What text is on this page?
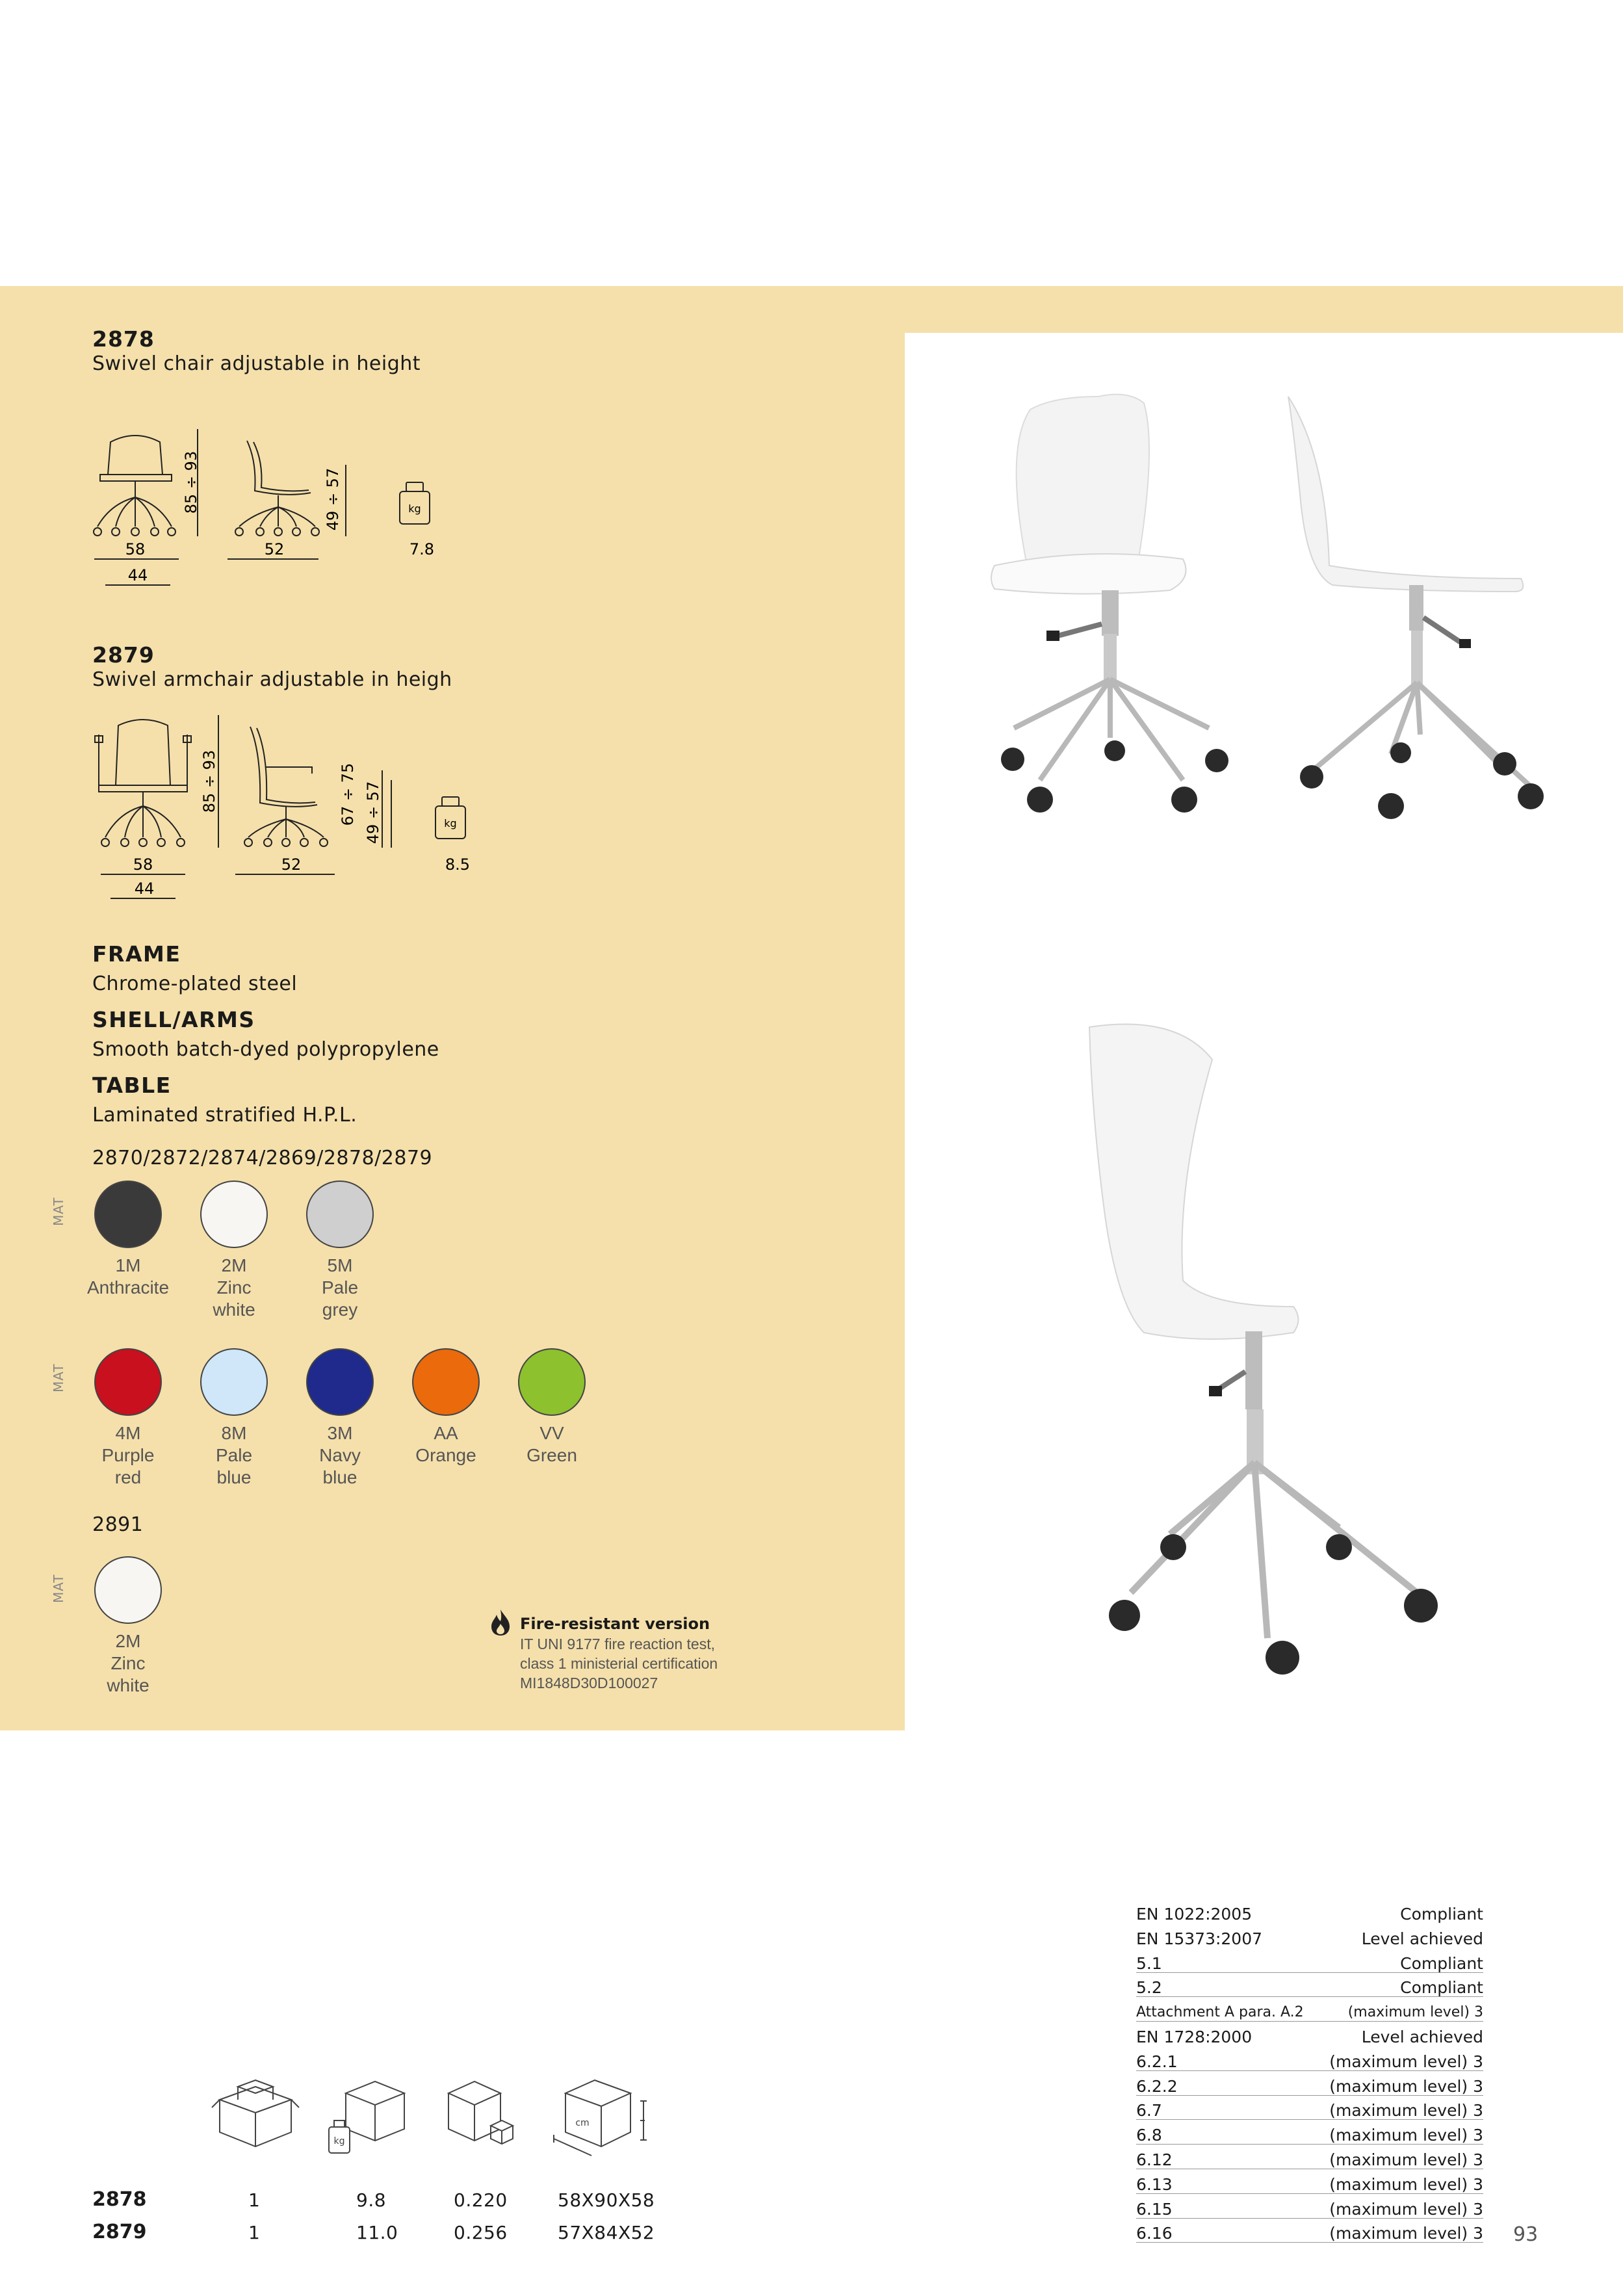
2878
Swivel chair adjustable in height
85 ÷ 93
58
44
49 ÷ 57
52
kg
7.8
2879
Swivel armchair adjustable in heigh
85 ÷ 93
58
44
67 ÷ 75 49 ÷ 57
52
kg
8.5
FRAME
Chrome-plated steel
SHELL/ARMS
Smooth batch-dyed polypropylene
TABLE
Laminated stratified H.P.L.
2870/2872/2874/2869/2878/2879
MAT
MAT
1M
Anthracite
2M
Zinc
white
5M
Pale
grey
4M
Purple
red
8M
Pale
blue
3M
Navy
blue
AA
Orange
VV
Green
2891
MAT
2M
Zinc
white
Fire-resistant version
IT UNI 9177 fire reaction test,
class 1 ministerial certification
MI1848D30D100027
kg
cm
2878	1	9.8	0.220	58X90X58
2879	1	11.0	0.256	57X84X52
EN 1022:2005	Compliant
EN 15373:2007	Level achieved
5.1	Compliant
5.2	Compliant
Attachment A para. A.2	(maximum level) 3
EN 1728:2000	Level achieved
6.2.1	(maximum level) 3
6.2.2	(maximum level) 3
6.7	(maximum level) 3
6.8	(maximum level) 3
6.12	(maximum level) 3
6.13	(maximum level) 3
6.15	(maximum level) 3
6.16	(maximum level) 3 93
